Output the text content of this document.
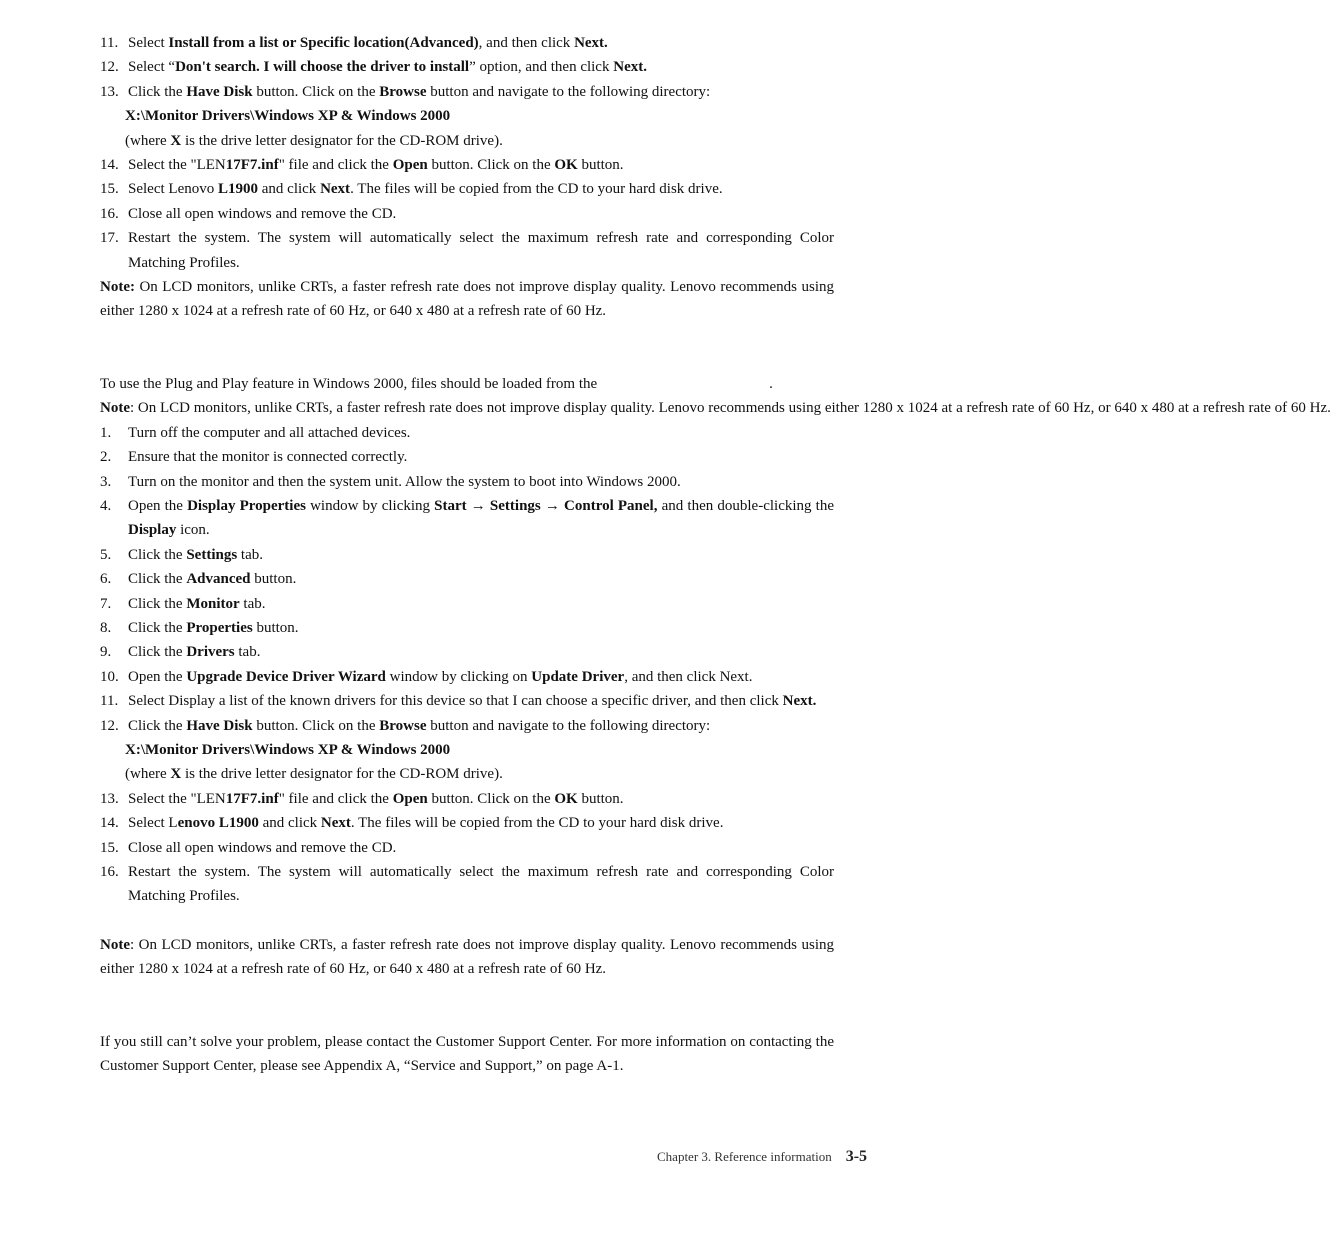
11. Select Install from a list or Specific location(Advanced), and then click Next.
12. Select “Don't search. I will choose the driver to install” option, and then click Next.
13. Click the Have Disk button. Click on the Browse button and navigate to the following directory:
X:\Monitor Drivers\Windows XP & Windows 2000
(where X is the drive letter designator for the CD-ROM drive).
14. Select the "LEN17F7.inf" file and click the Open button. Click on the OK button.
15. Select Lenovo L1900 and click Next. The files will be copied from the CD to your hard disk drive.
16. Close all open windows and remove the CD.
17. Restart the system. The system will automatically select the maximum refresh rate and corresponding Color Matching Profiles.
Note: On LCD monitors, unlike CRTs, a faster refresh rate does not improve display quality. Lenovo recommends using either 1280 x 1024 at a refresh rate of 60 Hz, or 640 x 480 at a refresh rate of 60 Hz.
To use the Plug and Play feature in Windows 2000, files should be loaded from the	.
Note: On LCD monitors, unlike CRTs, a faster refresh rate does not improve display quality. Lenovo recommends using either 1280 x 1024 at a refresh rate of 60 Hz, or 640 x 480 at a refresh rate of 60 Hz.
1.	Turn off the computer and all attached devices.
2.	Ensure that the monitor is connected correctly.
3.	Turn on the monitor and then the system unit. Allow the system to boot into Windows 2000.
4.	Open the Display Properties window by clicking Start → Settings → Control Panel, and then double-clicking the Display icon.
5.	Click the Settings tab.
6.	Click the Advanced button.
7.	Click the Monitor tab.
8.	Click the Properties button.
9.	Click the Drivers tab.
10. Open the Upgrade Device Driver Wizard window by clicking on Update Driver, and then click Next.
11. Select Display a list of the known drivers for this device so that I can choose a specific driver, and then click Next.
12. Click the Have Disk button. Click on the Browse button and navigate to the following directory:
X:\Monitor Drivers\Windows XP & Windows 2000
(where X is the drive letter designator for the CD-ROM drive).
13. Select the "LEN17F7.inf" file and click the Open button. Click on the OK button.
14. Select Lenovo L1900 and click Next. The files will be copied from the CD to your hard disk drive.
15. Close all open windows and remove the CD.
16. Restart the system. The system will automatically select the maximum refresh rate and corresponding Color Matching Profiles.
Note: On LCD monitors, unlike CRTs, a faster refresh rate does not improve display quality. Lenovo recommends using either 1280 x 1024 at a refresh rate of 60 Hz, or 640 x 480 at a refresh rate of 60 Hz.
If you still can’t solve your problem, please contact the Customer Support Center. For more information on contacting the Customer Support Center, please see Appendix A, “Service and Support,” on page A-1.
Chapter 3. Reference information 3-5
